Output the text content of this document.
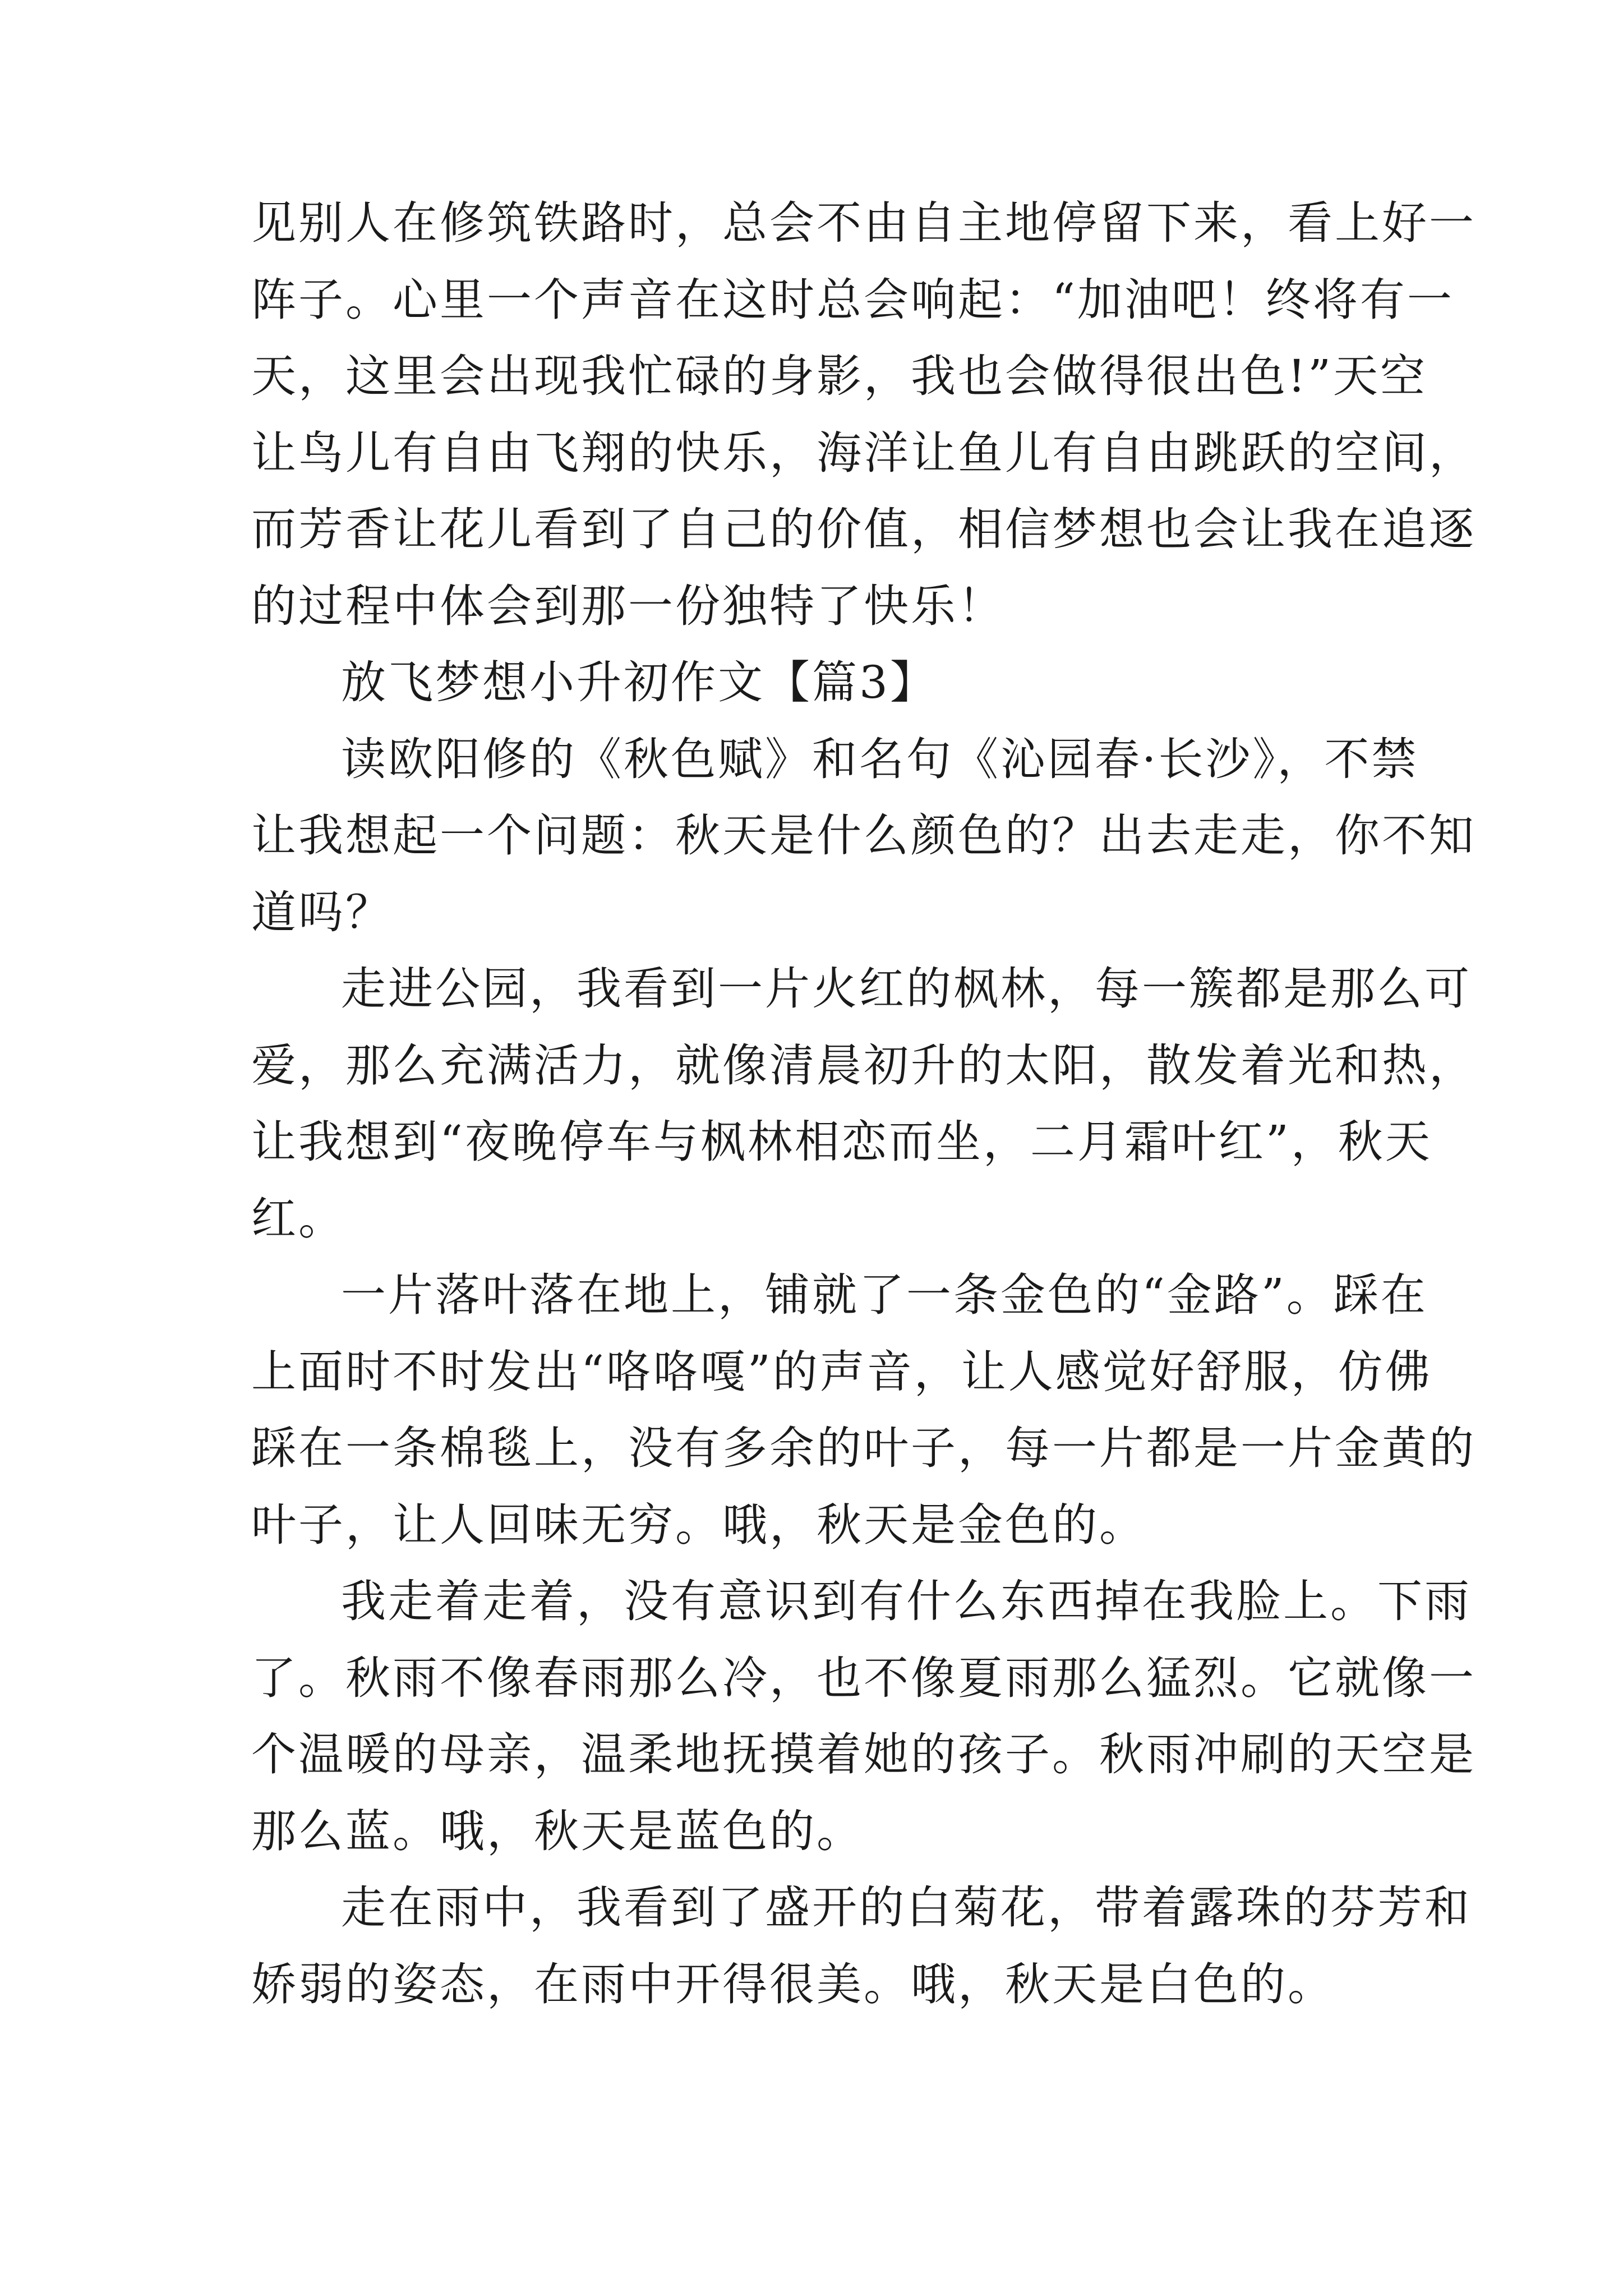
见别人在修筑铁路时，总会不由自主地停留下来，看上好一
阵子。心里一个声音在这时总会响起：“加油吧！终将有一
天，这里会出现我忙碌的身影，我也会做得很出色!”天空
让鸟儿有自由飞翔的快乐，海洋让鱼儿有自由跳跃的空间，
而芳香让花儿看到了自己的价值，相信梦想也会让我在追逐
的过程中体会到那一份独特了快乐！

放飞梦想小升初作文【篇3】

读欧阳修的《秋色赋》和名句《沁园春·长沙》，不禁
让我想起一个问题：秋天是什么颜色的？出去走走，你不知
道吗？

走进公园，我看到一片火红的枫林，每一簇都是那么可
爱，那么充满活力，就像清晨初升的太阳，散发着光和热，
让我想到“夜晚停车与枫林相恋而坐，二月霜叶红”，秋天
红。

一片落叶落在地上，铺就了一条金色的“金路”。踩在
上面时不时发出“咯咯嘎”的声音，让人感觉好舒服，仿佛
踩在一条棉毯上，没有多余的叶子，每一片都是一片金黄的
叶子，让人回味无穷。哦，秋天是金色的。

我走着走着，没有意识到有什么东西掉在我脸上。下雨
了。秋雨不像春雨那么冷，也不像夏雨那么猛烈。它就像一
个温暖的母亲，温柔地抚摸着她的孩子。秋雨冲刷的天空是
那么蓝。哦，秋天是蓝色的。

走在雨中，我看到了盛开的白菊花，带着露珠的芬芳和
娇弱的姿态，在雨中开得很美。哦，秋天是白色的。
